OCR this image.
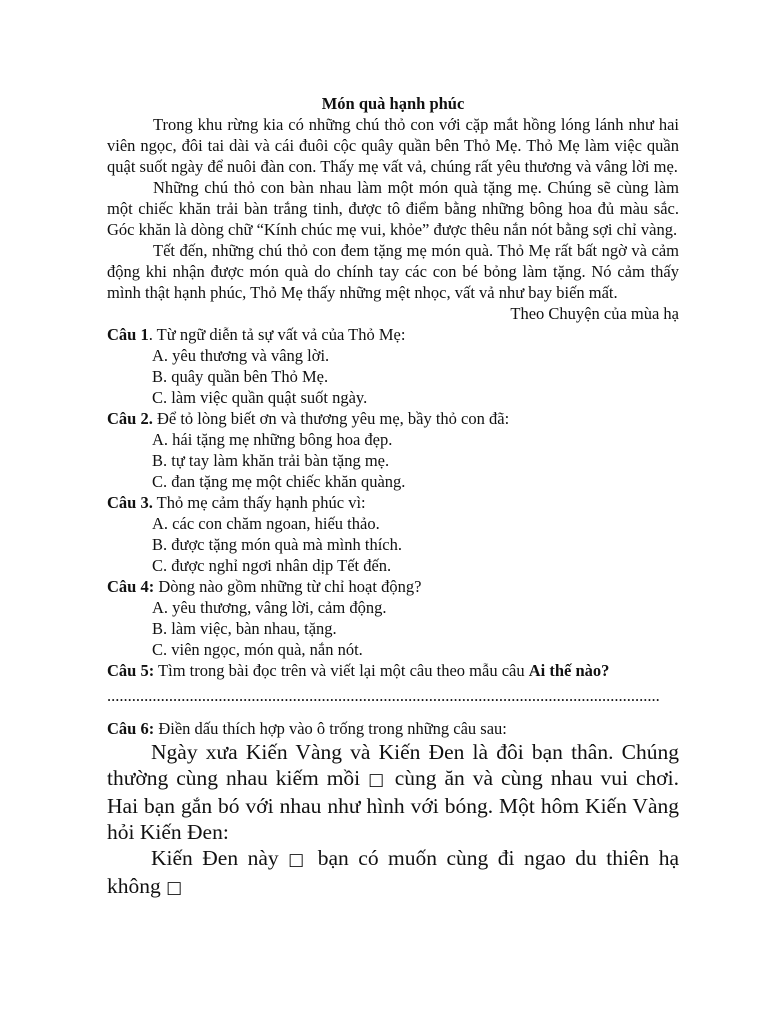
Món quà hạnh phúc

Trong khu rừng kia có những chú thỏ con với cặp mắt hồng lóng lánh như hai viên ngọc, đôi tai dài và cái đuôi cộc quây quần bên Thỏ Mẹ. Thỏ Mẹ làm việc quần quật suốt ngày để nuôi đàn con. Thấy mẹ vất vả, chúng rất yêu thương và vâng lời mẹ.

Những chú thỏ con bàn nhau làm một món quà tặng mẹ. Chúng sẽ cùng làm một chiếc khăn trải bàn trắng tinh, được tô điểm bằng những bông hoa đủ màu sắc. Góc khăn là dòng chữ “Kính chúc mẹ vui, khỏe” được thêu nắn nót bằng sợi chỉ vàng.

Tết đến, những chú thỏ con đem tặng mẹ món quà. Thỏ Mẹ rất bất ngờ và cảm động khi nhận được món quà do chính tay các con bé bỏng làm tặng. Nó cảm thấy mình thật hạnh phúc, Thỏ Mẹ thấy những mệt nhọc, vất vả như bay biến mất.

Theo Chuyện của mùa hạ
Câu 1. Từ ngữ diễn tả sự vất vả của Thỏ Mẹ:
A. yêu thương và vâng lời.
B. quây quần bên Thỏ Mẹ.
C. làm việc quần quật suốt ngày.
Câu 2. Để tỏ lòng biết ơn và thương yêu mẹ, bầy thỏ con đã:
A. hái tặng mẹ những bông hoa đẹp.
B. tự tay làm khăn trải bàn tặng mẹ.
C. đan tặng mẹ một chiếc khăn quàng.
Câu 3. Thỏ mẹ cảm thấy hạnh phúc vì:
A. các con chăm ngoan, hiếu thảo.
B. được tặng món quà mà mình thích.
C. được nghỉ ngơi nhân dịp Tết đến.
Câu 4: Dòng nào gồm những từ chỉ hoạt động?
A. yêu thương, vâng lời, cảm động.
B. làm việc, bàn nhau, tặng.
C. viên ngọc, món quà, nắn nót.
Câu 5: Tìm trong bài đọc trên và viết lại một câu theo mẫu câu Ai thế nào?
......................................................................................................................................
Câu 6: Điền dấu thích hợp vào ô trống trong những câu sau:

Ngày xưa Kiến Vàng và Kiến Đen là đôi bạn thân. Chúng thường cùng nhau kiếm mồi □ cùng ăn và cùng nhau vui chơi. Hai bạn gắn bó với nhau như hình với bóng. Một hôm Kiến Vàng hỏi Kiến Đen:

Kiến Đen này □ bạn có muốn cùng đi ngao du thiên hạ không □
